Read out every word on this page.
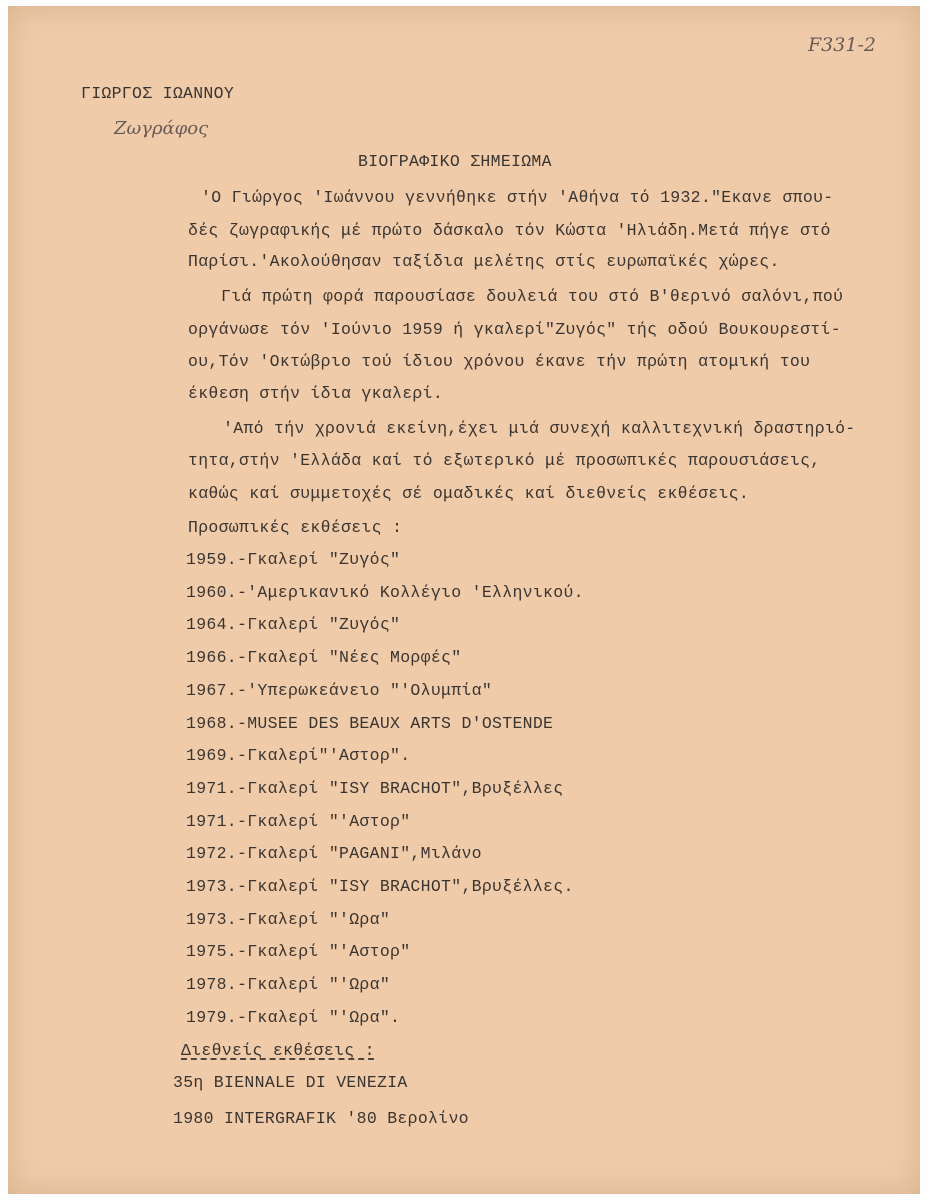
F331-2
ΓΙΩΡΓΟΣ ΙΩΑΝΝΟΥ
Ζωγράφος
ΒΙΟΓΡΑΦΙΚΟ ΣΗΜΕΙΩΜΑ
'Ο Γιώργος 'Ιωάννου γεννήθηκε στήν 'Αθήνα τό 1932."Εκανε σπου-
δές ζωγραφικής μέ πρώτο δάσκαλο τόν Κώστα 'Ηλιάδη.Μετά πήγε στό
Παρίσι.'Ακολούθησαν ταξίδια μελέτης στίς ευρωπαϊκές χώρες.
Γιά πρώτη φορά παρουσίασε δουλειά του στό Β'θερινό σαλόνι,πού
οργάνωσε τόν 'Ιούνιο 1959 ή γκαλερί"Ζυγός" τής οδού Βουκουρεστί-
ου,Τόν 'Οκτώβριο τού ίδιου χρόνου έκανε τήν πρώτη ατομική του
έκθεση στήν ίδια γκαλερί.
'Από τήν χρονιά εκείνη,έχει μιά συνεχή καλλιτεχνική δραστηριό-
τητα,στήν 'Ελλάδα καί τό εξωτερικό μέ προσωπικές παρουσιάσεις,
καθώς καί συμμετοχές σέ ομαδικές καί διεθνείς εκθέσεις.
Προσωπικές εκθέσεις :
1959.-Γκαλερί "Ζυγός"
1960.-'Αμερικανικό Κολλέγιο 'Ελληνικού.
1964.-Γκαλερί "Ζυγός"
1966.-Γκαλερί "Νέες Μορφές"
1967.-'Υπερωκεάνειο "'Ολυμπία"
1968.-MUSEE DES BEAUX ARTS D'OSTENDE
1969.-Γκαλερί"'Αστορ".
1971.-Γκαλερί "ISY BRACHOT",Βρυξέλλες
1971.-Γκαλερί "'Αστορ"
1972.-Γκαλερί "PAGANI",Μιλάνο
1973.-Γκαλερί "ISY BRACHOT",Βρυξέλλες.
1973.-Γκαλερί "'Ωρα"
1975.-Γκαλερί "'Αστορ"
1978.-Γκαλερί "'Ωρα"
1979.-Γκαλερί "'Ωρα".
Διεθνείς εκθέσεις :
35η BIENNALE DI VENEZIA
1980 INTERGRAFIK '80 Βερολίνο
